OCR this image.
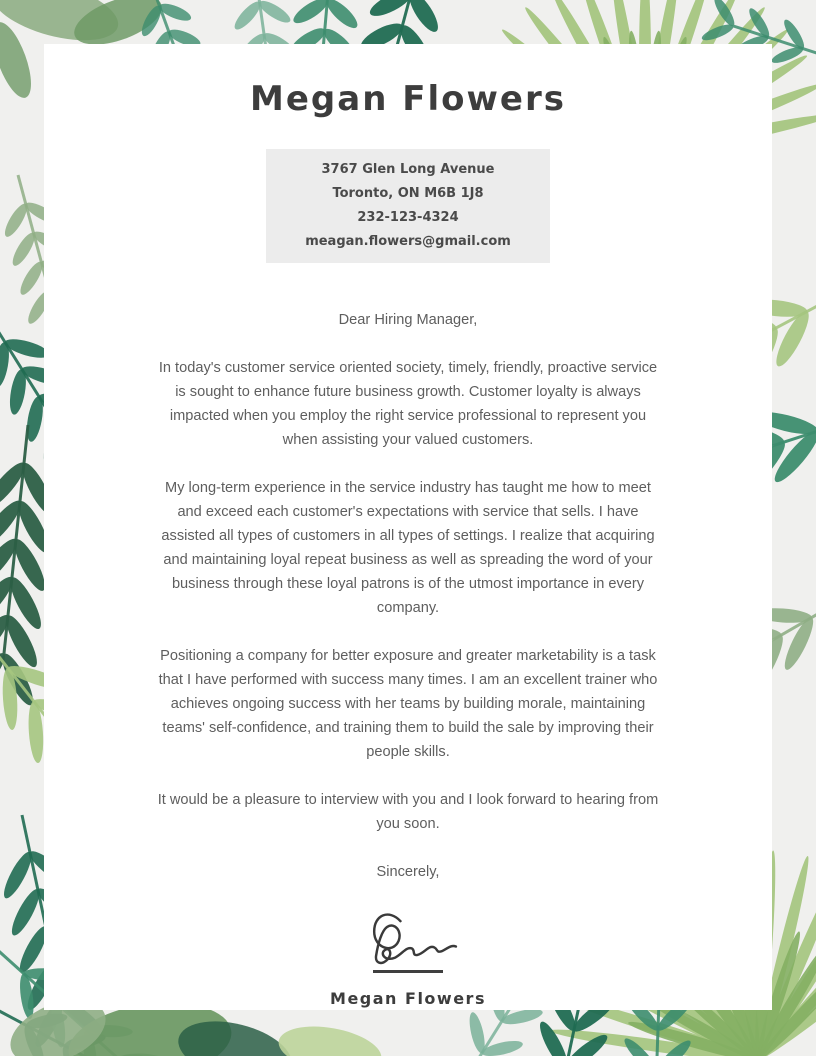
Megan Flowers
3767 Glen Long Avenue
Toronto, ON M6B 1J8
232-123-4324
meagan.flowers@gmail.com

Dear Hiring Manager,

In today's customer service oriented society, timely, friendly, proactive service is sought to enhance future business growth. Customer loyalty is always impacted when you employ the right service professional to represent you when assisting your valued customers.

My long-term experience in the service industry has taught me how to meet and exceed each customer's expectations with service that sells. I have assisted all types of customers in all types of settings. I realize that acquiring and maintaining loyal repeat business as well as spreading the word of your business through these loyal patrons is of the utmost importance in every company.

Positioning a company for better exposure and greater marketability is a task that I have performed with success many times. I am an excellent trainer who achieves ongoing success with her teams by building morale, maintaining teams' self-confidence, and training them to build the sale by improving their people skills.

It would be a pleasure to interview with you and I look forward to hearing from you soon.

Sincerely,

Megan Flowers
